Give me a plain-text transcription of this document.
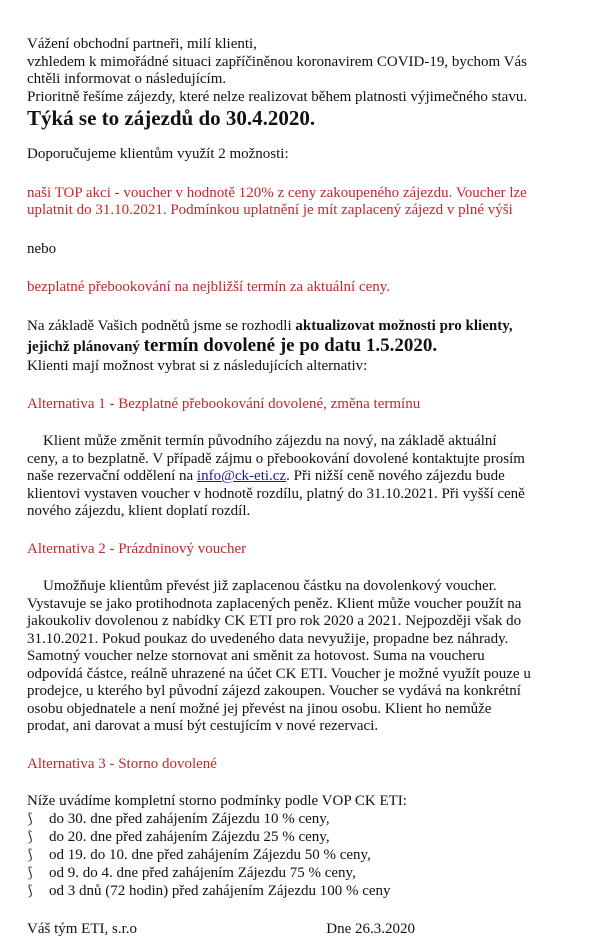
Vážení obchodní partneři, milí klienti,
vzhledem k mimořádné situaci zapříčiněnou koronavirem COVID-19, bychom Vás
chtěli informovat o následujícím.
Prioritně řešíme zájezdy, které nelze realizovat během platnosti výjimečného stavu.
Týká se to zájezdů do 30.4.2020.
Doporučujeme klientům využít 2 možnosti:
naši TOP akci - voucher v hodnotě 120% z ceny zakoupeného zájezdu. Voucher lze
uplatnit do 31.10.2021. Podmínkou uplatnění je mít zaplacený zájezd v plné výši
nebo
bezplatné přebookování na nejbližší termín za aktuální ceny.
Na základě Vašich podnětů jsme se rozhodli aktualizovat možnosti pro klienty,
jejichž plánovaný termín dovolené je po datu 1.5.2020.
Klienti mají možnost vybrat si z následujících alternativ:
Alternativa 1 - Bezplatné přebookování dovolené, změna termínu
Klient může změnit termín původního zájezdu na nový, na základě aktuální
ceny, a to bezplatně. V případě zájmu o přebookování dovolené kontaktujte prosím
naše rezervační oddělení na info@ck-eti.cz. Při nižší ceně nového zájezdu bude
klientovi vystaven voucher v hodnotě rozdílu, platný do 31.10.2021. Při vyšší ceně
nového zájezdu, klient doplatí rozdíl.
Alternativa 2 - Prázdninový voucher
Umožňuje klientům převést již zaplacenou částku na dovolenkový voucher.
Vystavuje se jako protihodnota zaplacených peněz. Klient může voucher použít na
jakoukoliv dovolenou z nabídky CK ETI pro rok 2020 a 2021. Nejpozději však do
31.10.2021. Pokud poukaz do uvedeného data nevyužije, propadne bez náhrady.
Samotný voucher nelze stornovat ani směnit za hotovost. Suma na voucheru
odpovídá částce, reálně uhrazené na účet CK ETI. Voucher je možné využít pouze u
prodejce, u kterého byl původní zájezd zakoupen. Voucher se vydává na konkrétní
osobu objednatele a není možné jej převést na jinou osobu. Klient ho nemůže
prodat, ani darovat a musí být cestujícím v nové rezervaci.
Alternativa 3 - Storno dovolené
Níže uvádíme kompletní storno podmínky podle VOP CK ETI:
⟆	do 30. dne před zahájením Zájezdu 10 % ceny,
⟆	do 20. dne před zahájením Zájezdu 25 % ceny,
⟆	od 19. do 10. dne před zahájením Zájezdu 50 % ceny,
⟆	od 9. do 4. dne před zahájením Zájezdu 75 % ceny,
⟆	od 3 dnů (72 hodin) před zahájením Zájezdu 100 % ceny
Váš tým ETI, s.r.o	Dne 26.3.2020
